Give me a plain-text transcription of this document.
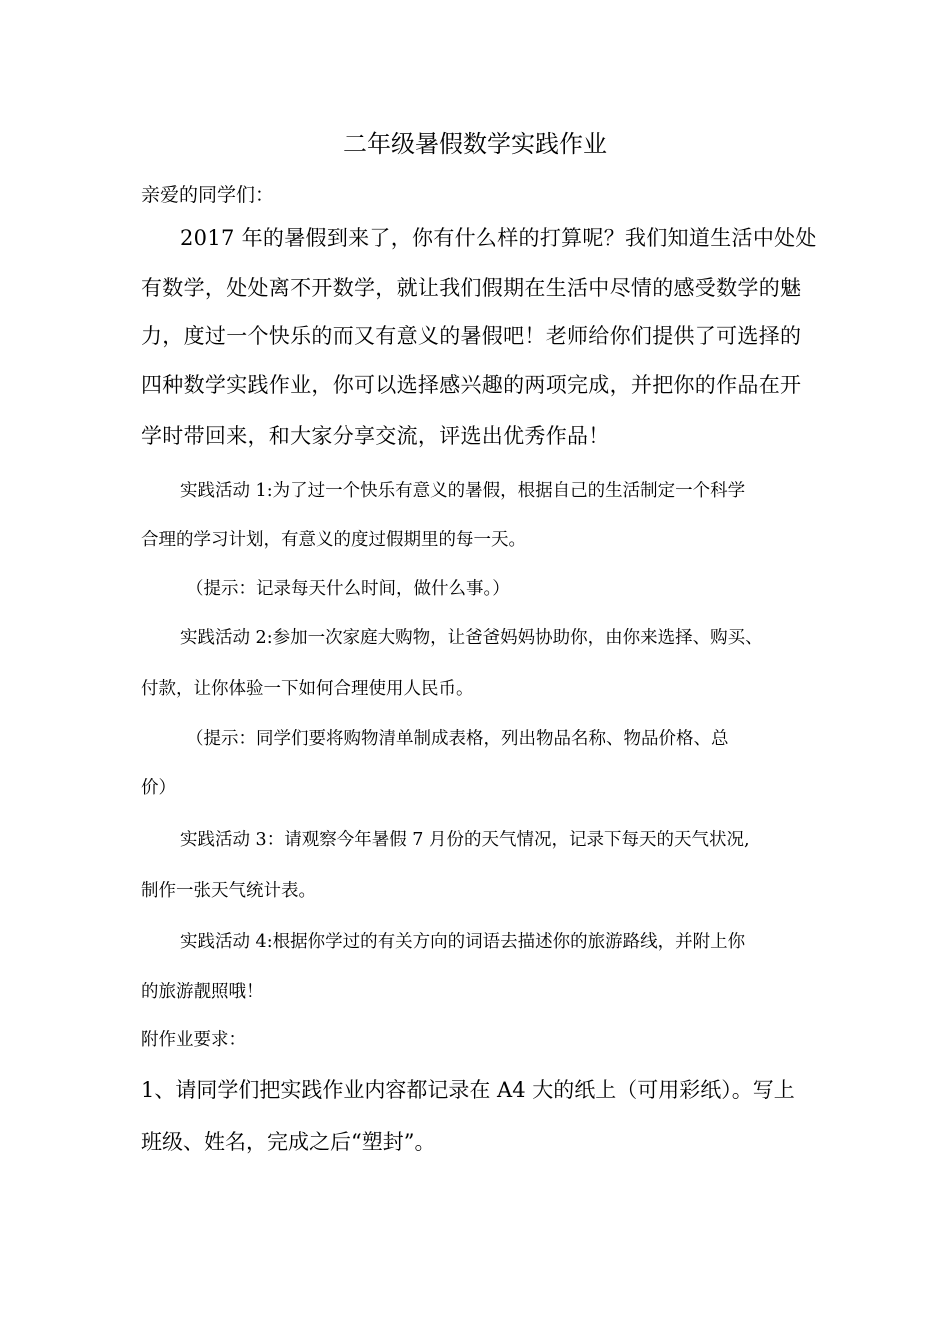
二年级暑假数学实践作业

亲爱的同学们：

2017 年的暑假到来了，你有什么样的打算呢？我们知道生活中处处

有数学，处处离不开数学，就让我们假期在生活中尽情的感受数学的魅

力，度过一个快乐的而又有意义的暑假吧！老师给你们提供了可选择的

四种数学实践作业，你可以选择感兴趣的两项完成，并把你的作品在开

学时带回来，和大家分享交流，评选出优秀作品！

实践活动 1:为了过一个快乐有意义的暑假，根据自己的生活制定一个科学

合理的学习计划，有意义的度过假期里的每一天。

（提示：记录每天什么时间，做什么事。）

实践活动 2:参加一次家庭大购物，让爸爸妈妈协助你，由你来选择、购买、

付款，让你体验一下如何合理使用人民币。

（提示：同学们要将购物清单制成表格，列出物品名称、物品价格、总

价）

实践活动 3：请观察今年暑假 7 月份的天气情况，记录下每天的天气状况,

制作一张天气统计表。

实践活动 4:根据你学过的有关方向的词语去描述你的旅游路线，并附上你

的旅游靓照哦！

附作业要求：

1、请同学们把实践作业内容都记录在 A4 大的纸上（可用彩纸）。写上

班级、姓名，完成之后“塑封”。
